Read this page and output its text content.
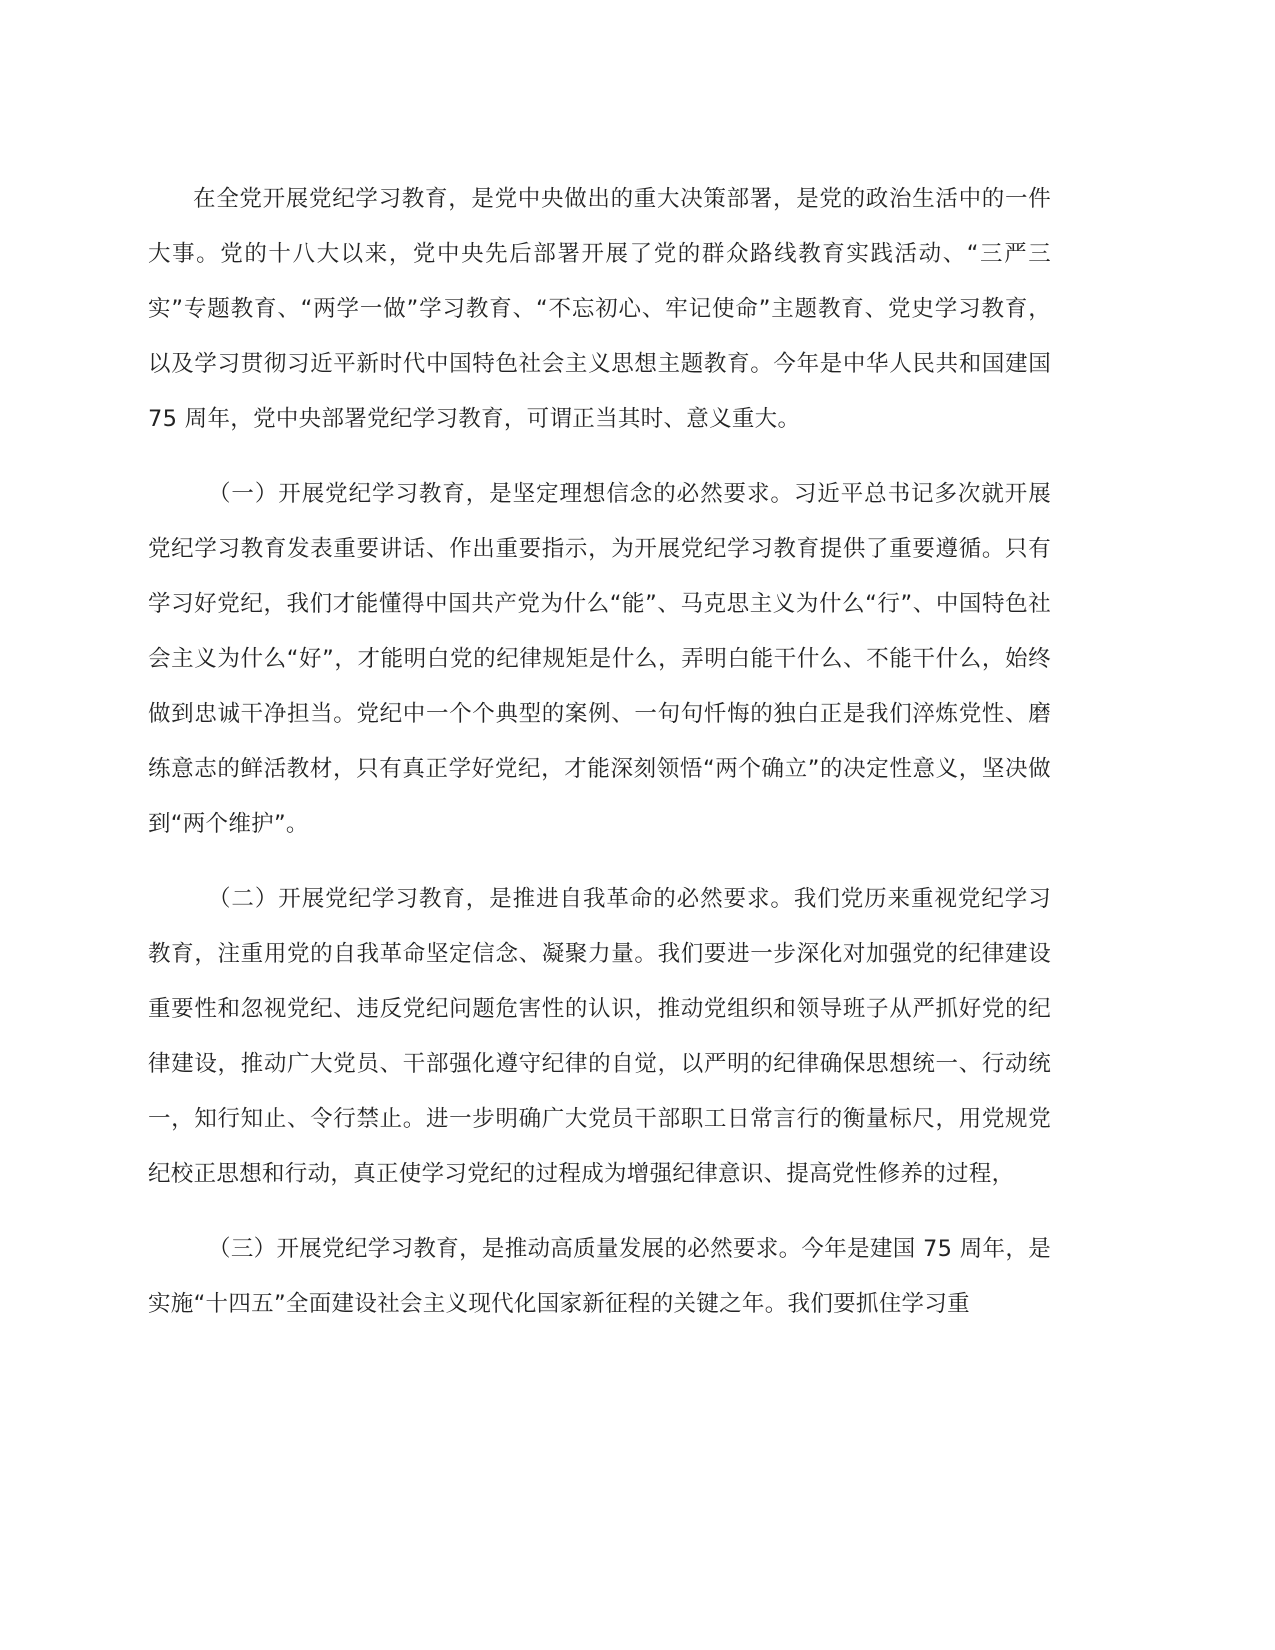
在全党开展党纪学习教育，是党中央做出的重大决策部署，是党的政治生活中的一件大事。党的十八大以来，党中央先后部署开展了党的群众路线教育实践活动、“三严三实”专题教育、“两学一做”学习教育、“不忘初心、牢记使命”主题教育、党史学习教育，以及学习贯彻习近平新时代中国特色社会主义思想主题教育。今年是中华人民共和国建国 75 周年，党中央部署党纪学习教育，可谓正当其时、意义重大。

（一）开展党纪学习教育，是坚定理想信念的必然要求。习近平总书记多次就开展党纪学习教育发表重要讲话、作出重要指示，为开展党纪学习教育提供了重要遵循。只有学习好党纪，我们才能懂得中国共产党为什么“能”、马克思主义为什么“行”、中国特色社会主义为什么“好”，才能明白党的纪律规矩是什么，弄明白能干什么、不能干什么，始终做到忠诚干净担当。党纪中一个个典型的案例、一句句忏悔的独白正是我们淬炼党性、磨练意志的鲜活教材，只有真正学好党纪，才能深刻领悟“两个确立”的决定性意义，坚决做到“两个维护”。

（二）开展党纪学习教育，是推进自我革命的必然要求。我们党历来重视党纪学习教育，注重用党的自我革命坚定信念、凝聚力量。我们要进一步深化对加强党的纪律建设重要性和忽视党纪、违反党纪问题危害性的认识，推动党组织和领导班子从严抓好党的纪律建设，推动广大党员、干部强化遵守纪律的自觉，以严明的纪律确保思想统一、行动统一，知行知止、令行禁止。进一步明确广大党员干部职工日常言行的衡量标尺，用党规党纪校正思想和行动，真正使学习党纪的过程成为增强纪律意识、提高党性修养的过程，

（三）开展党纪学习教育，是推动高质量发展的必然要求。今年是建国 75 周年，是实施“十四五”全面建设社会主义现代化国家新征程的关键之年。我们要抓住学习重
